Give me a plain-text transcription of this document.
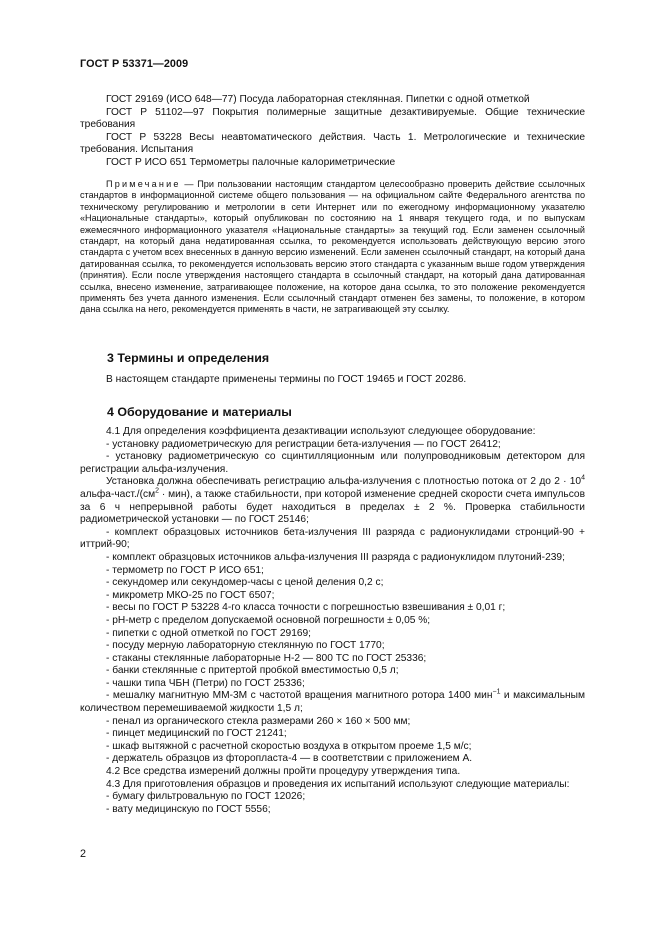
ГОСТ Р 53371—2009

ГОСТ 29169 (ИСО 648—77) Посуда лабораторная стеклянная. Пипетки с одной отметкой

ГОСТ Р 51102—97 Покрытия полимерные защитные дезактивируемые. Общие технические требования

ГОСТ Р 53228 Весы неавтоматического действия. Часть 1. Метрологические и технические требования. Испытания

ГОСТ Р ИСО 651 Термометры палочные калориметрические

Примечание — При пользовании настоящим стандартом целесообразно проверить действие ссылочных стандартов в информационной системе общего пользования — на официальном сайте Федерального агентства по техническому регулированию и метрологии в сети Интернет или по ежегодному информационному указателю «Национальные стандарты», который опубликован по состоянию на 1 января текущего года, и по выпускам ежемесячного информационного указателя «Национальные стандарты» за текущий год. Если заменен ссылочный стандарт, на который дана недатированная ссылка, то рекомендуется использовать действующую версию этого стандарта с учетом всех внесенных в данную версию изменений. Если заменен ссылочный стандарт, на который дана датированная ссылка, то рекомендуется использовать версию этого стандарта с указанным выше годом утверждения (принятия). Если после утверждения настоящего стандарта в ссылочный стандарт, на который дана датированная ссылка, внесено изменение, затрагивающее положение, на которое дана ссылка, то это положение рекомендуется применять без учета данного изменения. Если ссылочный стандарт отменен без замены, то положение, в котором дана ссылка на него, рекомендуется применять в части, не затрагивающей эту ссылку.

3 Термины и определения

В настоящем стандарте применены термины по ГОСТ 19465 и ГОСТ 20286.

4 Оборудование и материалы

4.1 Для определения коэффициента дезактивации используют следующее оборудование:

- установку радиометрическую для регистрации бета-излучения — по ГОСТ 26412;

- установку радиометрическую со сцинтилляционным или полупроводниковым детектором для регистрации альфа-излучения.

Установка должна обеспечивать регистрацию альфа-излучения с плотностью потока от 2 до $2 \cdot 10^4$ альфа-$част./(см^2 \cdot мин)$, а также стабильности, при которой изменение средней скорости счета импульсов за 6 ч непрерывной работы будет находиться в пределах ± 2 %. Проверка стабильности радиометрической установки — по ГОСТ 25146;

- комплект образцовых источников бета-излучения III разряда с радионуклидами стронций-90 + иттрий-90;

- комплект образцовых источников альфа-излучения III разряда с радионуклидом плутоний-239;

- термометр по ГОСТ Р ИСО 651;

- секундомер или секундомер-часы с ценой деления 0,2 с;

- микрометр МКО-25 по ГОСТ 6507;

- весы по ГОСТ Р 53228 4-го класса точности с погрешностью взвешивания ± 0,01 г;

- pH-метр с пределом допускаемой основной погрешности ± 0,05 %;

- пипетки с одной отметкой по ГОСТ 29169;

- посуду мерную лабораторную стеклянную по ГОСТ 1770;

- стаканы стеклянные лабораторные Н-2 — 800 ТС по ГОСТ 25336;

- банки стеклянные с притертой пробкой вместимостью 0,5 л;

- чашки типа ЧБН (Петри) по ГОСТ 25336;

- мешалку магнитную ММ-3М с частотой вращения магнитного ротора 1400 мин$^{-1}$ и максимальным количеством перемешиваемой жидкости 1,5 л;

- пенал из органического стекла размерами 260 × 160 × 500 мм;

- пинцет медицинский по ГОСТ 21241;

- шкаф вытяжной с расчетной скоростью воздуха в открытом проеме 1,5 м/с;

- держатель образцов из фторопласта-4 — в соответствии с приложением А.

4.2 Все средства измерений должны пройти процедуру утверждения типа.

4.3 Для приготовления образцов и проведения их испытаний используют следующие материалы:

- бумагу фильтровальную по ГОСТ 12026;

- вату медицинскую по ГОСТ 5556;

2
